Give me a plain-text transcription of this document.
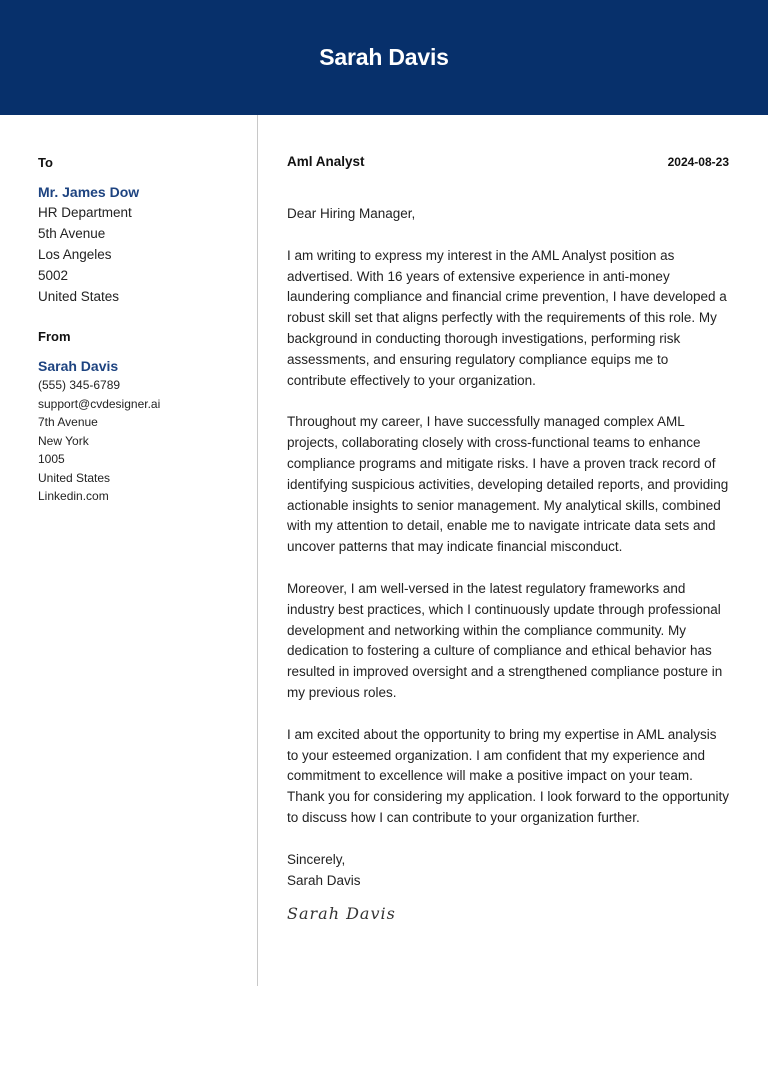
Sarah Davis
To
Mr. James Dow
HR Department
5th Avenue
Los Angeles
5002
United States
From
Sarah Davis
(555) 345-6789
support@cvdesigner.ai
7th Avenue
New York
1005
United States
Linkedin.com
Aml Analyst	2024-08-23
Dear Hiring Manager,
I am writing to express my interest in the AML Analyst position as advertised. With 16 years of extensive experience in anti-money laundering compliance and financial crime prevention, I have developed a robust skill set that aligns perfectly with the requirements of this role. My background in conducting thorough investigations, performing risk assessments, and ensuring regulatory compliance equips me to contribute effectively to your organization.
Throughout my career, I have successfully managed complex AML projects, collaborating closely with cross-functional teams to enhance compliance programs and mitigate risks. I have a proven track record of identifying suspicious activities, developing detailed reports, and providing actionable insights to senior management. My analytical skills, combined with my attention to detail, enable me to navigate intricate data sets and uncover patterns that may indicate financial misconduct.
Moreover, I am well-versed in the latest regulatory frameworks and industry best practices, which I continuously update through professional development and networking within the compliance community. My dedication to fostering a culture of compliance and ethical behavior has resulted in improved oversight and a strengthened compliance posture in my previous roles.
I am excited about the opportunity to bring my expertise in AML analysis to your esteemed organization. I am confident that my experience and commitment to excellence will make a positive impact on your team. Thank you for considering my application. I look forward to the opportunity to discuss how I can contribute to your organization further.
Sincerely,
Sarah Davis
Sarah Davis
